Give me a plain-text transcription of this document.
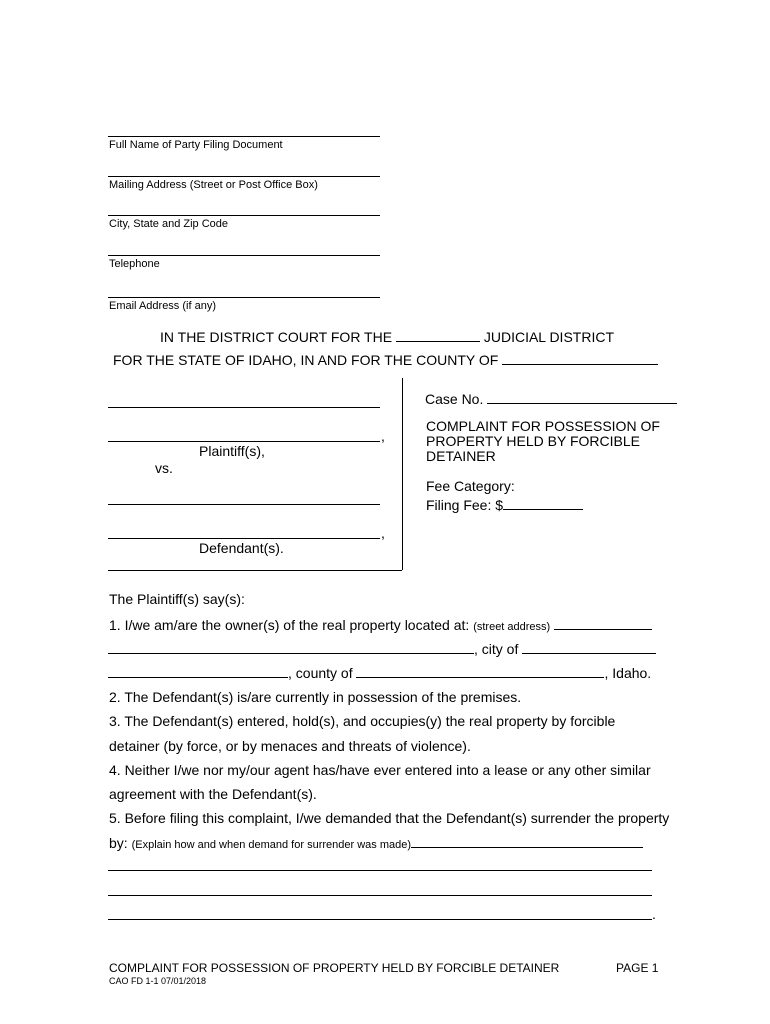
Full Name of Party Filing Document
Mailing Address (Street or Post Office Box)
City, State and Zip Code
Telephone
Email Address (if any)
IN THE DISTRICT COURT FOR THE	JUDICIAL DISTRICT
FOR THE STATE OF IDAHO, IN AND FOR THE COUNTY OF
,
Plaintiff(s),
vs.
,
Defendant(s).
Case No.
COMPLAINT FOR POSSESSION OF
PROPERTY HELD BY FORCIBLE
DETAINER
Fee Category:
Filing Fee: $
The Plaintiff(s) say(s):
1. I/we am/are the owner(s) of the real property located at: (street address)
, city of
, county of	, Idaho.
2. The Defendant(s) is/are currently in possession of the premises.
3. The Defendant(s) entered, hold(s), and occupies(y) the real property by forcible
detainer (by force, or by menaces and threats of violence).
4. Neither I/we nor my/our agent has/have ever entered into a lease or any other similar
agreement with the Defendant(s).
5. Before filing this complaint, I/we demanded that the Defendant(s) surrender the property
by: (Explain how and when demand for surrender was made)
.
COMPLAINT FOR POSSESSION OF PROPERTY HELD BY FORCIBLE DETAINER	PAGE 1
CAO FD 1-1 07/01/2018
